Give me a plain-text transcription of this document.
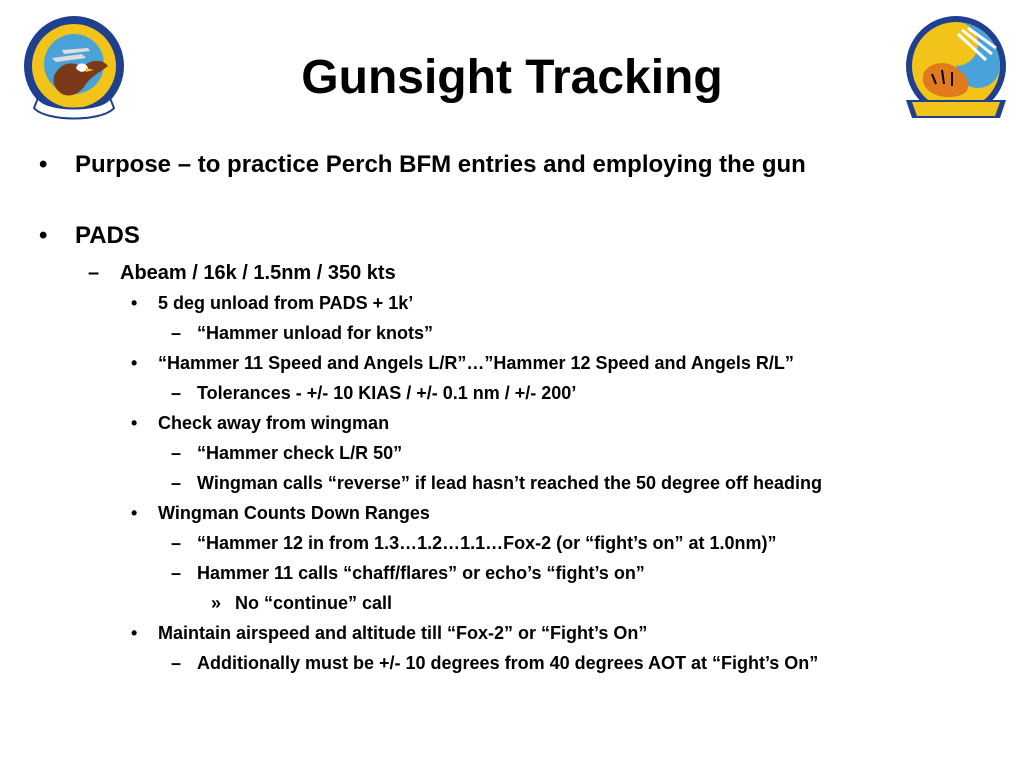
Gunsight Tracking
• Purpose – to practice Perch BFM entries and employing the gun
• PADS
– Abeam / 16k / 1.5nm / 350 kts
• 5 deg unload from PADS + 1k’
– “Hammer unload for knots”
• “Hammer 11 Speed and Angels L/R”…”Hammer 12 Speed and Angels R/L”
– Tolerances - +/- 10 KIAS / +/- 0.1 nm / +/- 200’
• Check away from wingman
– “Hammer check L/R 50”
– Wingman calls “reverse” if lead hasn’t reached the 50 degree off heading
• Wingman Counts Down Ranges
– “Hammer 12 in from 1.3…1.2…1.1…Fox-2 (or “fight’s on” at 1.0nm)”
– Hammer 11 calls “chaff/flares” or echo’s “fight’s on”
» No “continue” call
• Maintain airspeed and altitude till “Fox-2” or “Fight’s On”
– Additionally must be +/- 10 degrees from 40 degrees AOT at “Fight’s On”
